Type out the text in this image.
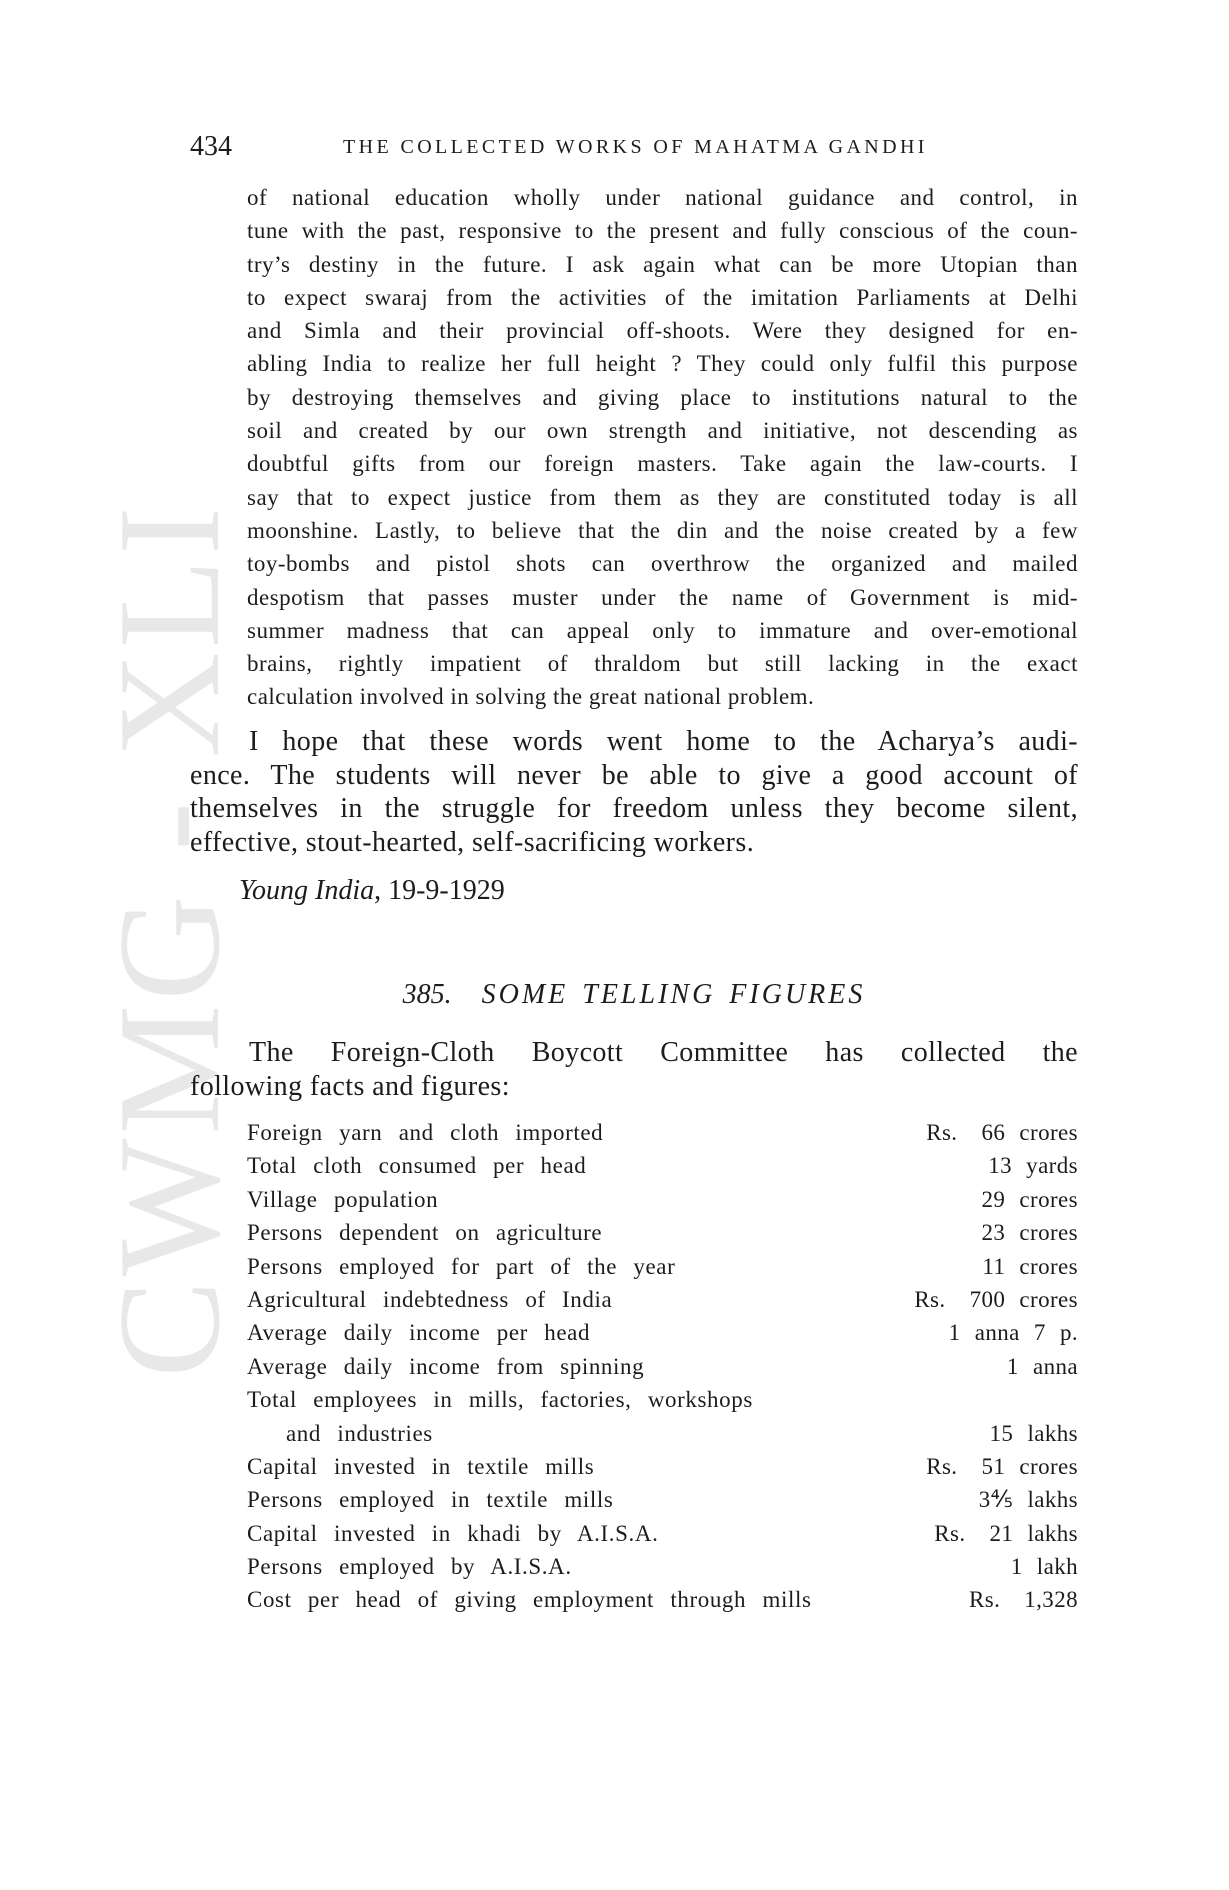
CWMG - XLI
434	THE COLLECTED WORKS OF MAHATMA GANDHI
of national education wholly under national guidance and control, in
tune with the past, responsive to the present and fully conscious of the coun-
try’s destiny in the future. I ask again what can be more Utopian than
to expect swaraj from the activities of the imitation Parliaments at Delhi
and Simla and their provincial off-shoots. Were they designed for en-
abling India to realize her full height ? They could only fulfil this purpose
by destroying themselves and giving place to institutions natural to the
soil and created by our own strength and initiative, not descending as
doubtful gifts from our foreign masters. Take again the law-courts. I
say that to expect justice from them as they are constituted today is all
moonshine. Lastly, to believe that the din and the noise created by a few
toy-bombs and pistol shots can overthrow the organized and mailed
despotism that passes muster under the name of Government is mid-
summer madness that can appeal only to immature and over-emotional
brains, rightly impatient of thraldom but still lacking in the exact
calculation involved in solving the great national problem.
I hope that these words went home to the Acharya’s audi-
ence. The students will never be able to give a good account of
themselves in the struggle for freedom unless they become silent,
effective, stout-hearted, self-sacrificing workers.
Young India, 19-9-1929
385. SOME TELLING FIGURES
The Foreign-Cloth Boycott Committee has collected the
following facts and figures:
Foreign yarn and cloth imported	Rs. 66 crores
Total cloth consumed per head	13 yards
Village population	29 crores
Persons dependent on agriculture	23 crores
Persons employed for part of the year	11 crores
Agricultural indebtedness of India	Rs. 700 crores
Average daily income per head	1 anna 7 p.
Average daily income from spinning	1 anna
Total employees in mills, factories, workshops
and industries	15 lakhs
Capital invested in textile mills	Rs. 51 crores
Persons employed in textile mills	3⅘ lakhs
Capital invested in khadi by A.I.S.A.	Rs. 21 lakhs
Persons employed by A.I.S.A.	1 lakh
Cost per head of giving employment through mills	Rs. 1,328
